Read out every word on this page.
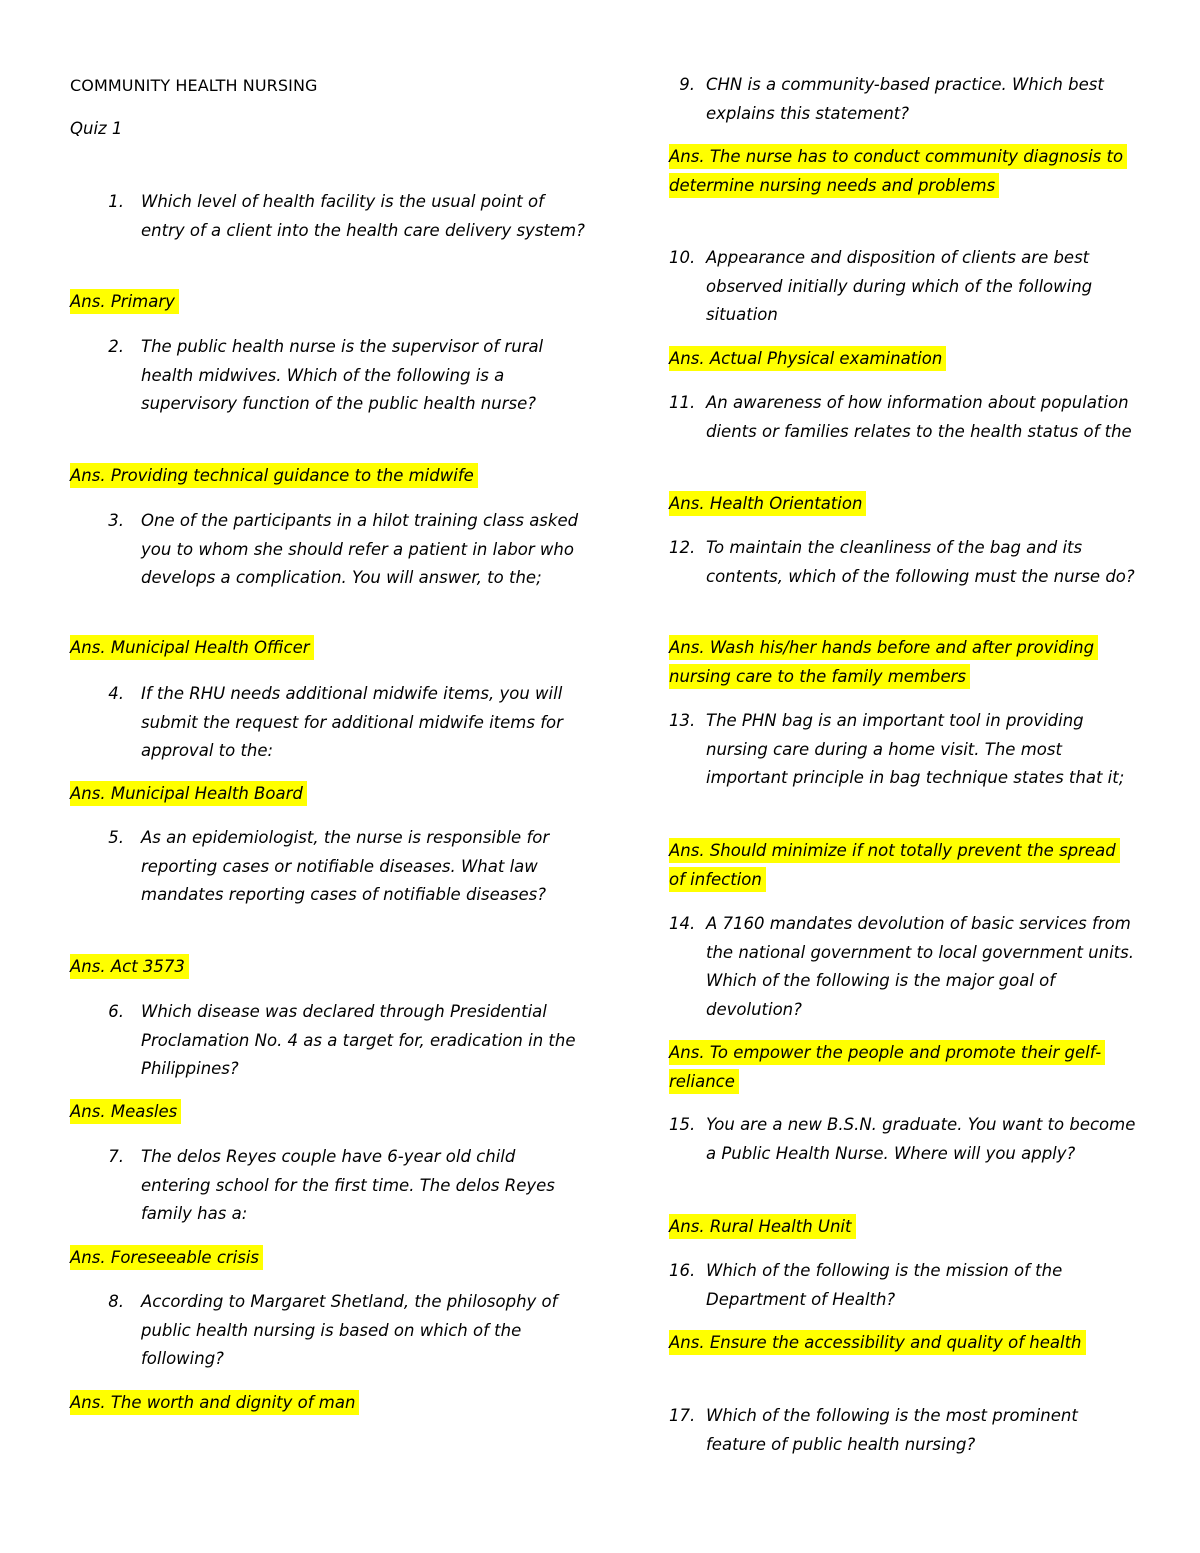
COMMUNITY HEALTH NURSING

Quiz 1

1. Which level of health facility is the usual point of entry of a client into the health care delivery system?
Ans. Primary
2. The public health nurse is the supervisor of rural health midwives. Which of the following is a supervisory function of the public health nurse?
Ans. Providing technical guidance to the midwife
3. One of the participants in a hilot training class asked you to whom she should refer a patient in labor who develops a complication. You will answer, to the;
Ans. Municipal Health Officer
4. If the RHU needs additional midwife items, you will submit the request for additional midwife items for approval to the:
Ans. Municipal Health Board
5. As an epidemiologist, the nurse is responsible for reporting cases or notifiable diseases. What law mandates reporting cases of notifiable diseases?
Ans. Act 3573
6. Which disease was declared through Presidential Proclamation No. 4 as a target for, eradication in the Philippines?
Ans. Measles
7. The delos Reyes couple have 6-year old child entering school for the first time. The delos Reyes family has a:
Ans. Foreseeable crisis
8. According to Margaret Shetland, the philosophy of public health nursing is based on which of the following?
Ans. The worth and dignity of man
9. CHN is a community-based practice. Which best explains this statement?
Ans. The nurse has to conduct community diagnosis to determine nursing needs and problems
10. Appearance and disposition of clients are best observed initially during which of the following situation
Ans. Actual Physical examination
11. An awareness of how information about population dients or families relates to the health status of the
Ans. Health Orientation
12. To maintain the cleanliness of the bag and its contents, which of the following must the nurse do?
Ans. Wash his/her hands before and after providing nursing care to the family members
13. The PHN bag is an important tool in providing nursing care during a home visit. The most important principle in bag technique states that it;
Ans. Should minimize if not totally prevent the spread of infection
14. A 7160 mandates devolution of basic services from the national government to local government units. Which of the following is the major goal of devolution?
Ans. To empower the people and promote their gelf-reliance
15. You are a new B.S.N. graduate. You want to become a Public Health Nurse. Where will you apply?
Ans. Rural Health Unit
16. Which of the following is the mission of the Department of Health?
Ans. Ensure the accessibility and quality of health
17. Which of the following is the most prominent feature of public health nursing?
